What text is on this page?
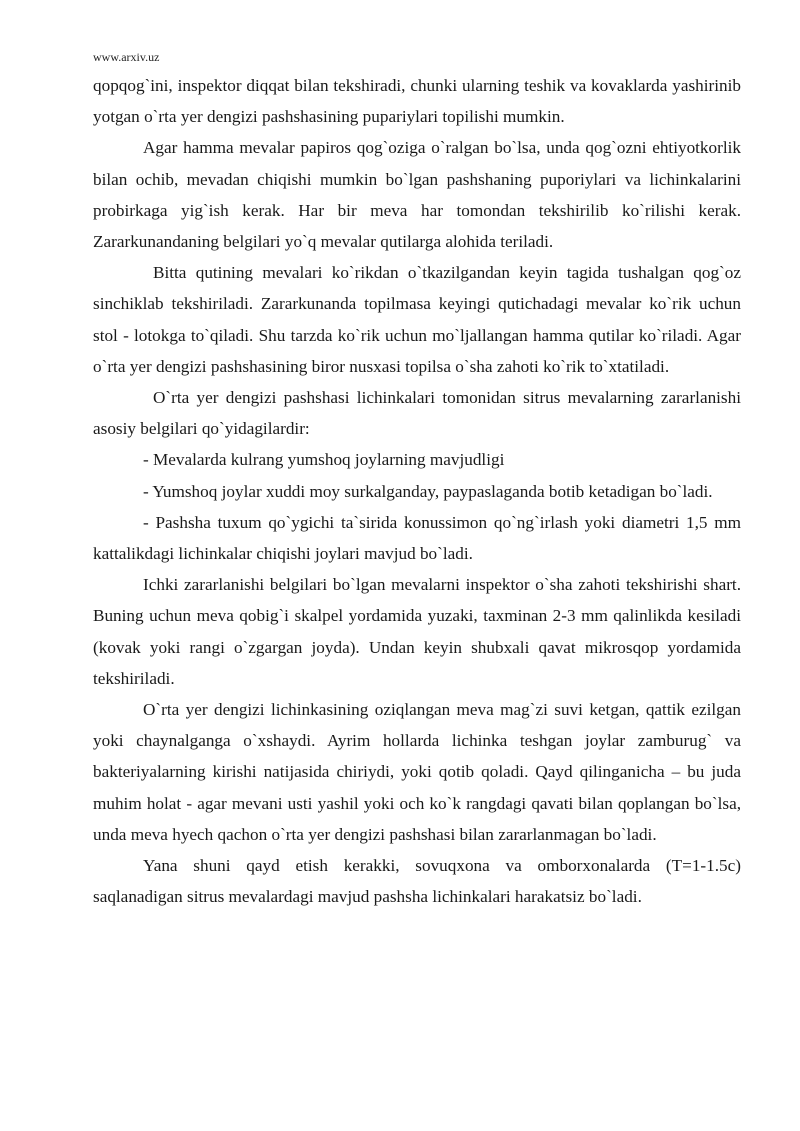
www.arxiv.uz

qopqog`ini, inspektor diqqat bilan tekshiradi, chunki ularning teshik va kovaklarda yashirinib yotgan o`rta yer dengizi pashshasining pupariylari topilishi mumkin.

Agar hamma mevalar papiros qog`oziga o`ralgan bo`lsa, unda qog`ozni ehtiyotkorlik bilan ochib, mevadan chiqishi mumkin bo`lgan pashshaning puporiylari va lichinkalarini probirkaga yig`ish kerak. Har bir meva har tomondan tekshirilib ko`rilishi kerak. Zararkunandaning belgilari yo`q mevalar qutilarga alohida teriladi.

Bitta qutining mevalari ko`rikdan o`tkazilgandan keyin tagida tushalgan qog`oz sinchiklab tekshiriladi. Zararkunanda topilmasa keyingi qutichadagi mevalar ko`rik uchun stol - lotokga to`qiladi. Shu tarzda ko`rik uchun mo`ljallangan hamma qutilar ko`riladi. Agar o`rta yer dengizi pashshasining biror nusxasi topilsa o`sha zahoti ko`rik to`xtatiladi.

O`rta yer dengizi pashshasi lichinkalari tomonidan sitrus mevalarning zararlanishi asosiy belgilari qo`yidagilardir:

- Mevalarda kulrang yumshoq joylarning mavjudligi

- Yumshoq joylar xuddi moy surkalganday, paypaslaganda botib ketadigan bo`ladi.

- Pashsha tuxum qo`ygichi ta`sirida konussimon qo`ng`irlash yoki diametri 1,5 mm kattalikdagi lichinkalar chiqishi joylari mavjud bo`ladi.

Ichki zararlanishi belgilari bo`lgan mevalarni inspektor o`sha zahoti tekshirishi shart. Buning uchun meva qobig`i skalpel yordamida yuzaki, taxminan 2-3 mm qalinlikda kesiladi (kovak yoki rangi o`zgargan joyda). Undan keyin shubxali qavat mikrosqop yordamida tekshiriladi.

O`rta yer dengizi lichinkasining oziqlangan meva mag`zi suvi ketgan, qattik ezilgan yoki chaynalganga o`xshaydi. Ayrim hollarda lichinka teshgan joylar zamburug` va bakteriyalarning kirishi natijasida chiriydi, yoki qotib qoladi. Qayd qilinganicha – bu juda muhim holat - agar mevani usti yashil yoki och ko`k rangdagi qavati bilan qoplangan bo`lsa, unda meva hyech qachon o`rta yer dengizi pashshasi bilan zararlanmagan bo`ladi.

Yana shuni qayd etish kerakki, sovuqxona va omborxonalarda (T=1-1.5c) saqlanadigan sitrus mevalardagi mavjud pashsha lichinkalari harakatsiz bo`ladi.
